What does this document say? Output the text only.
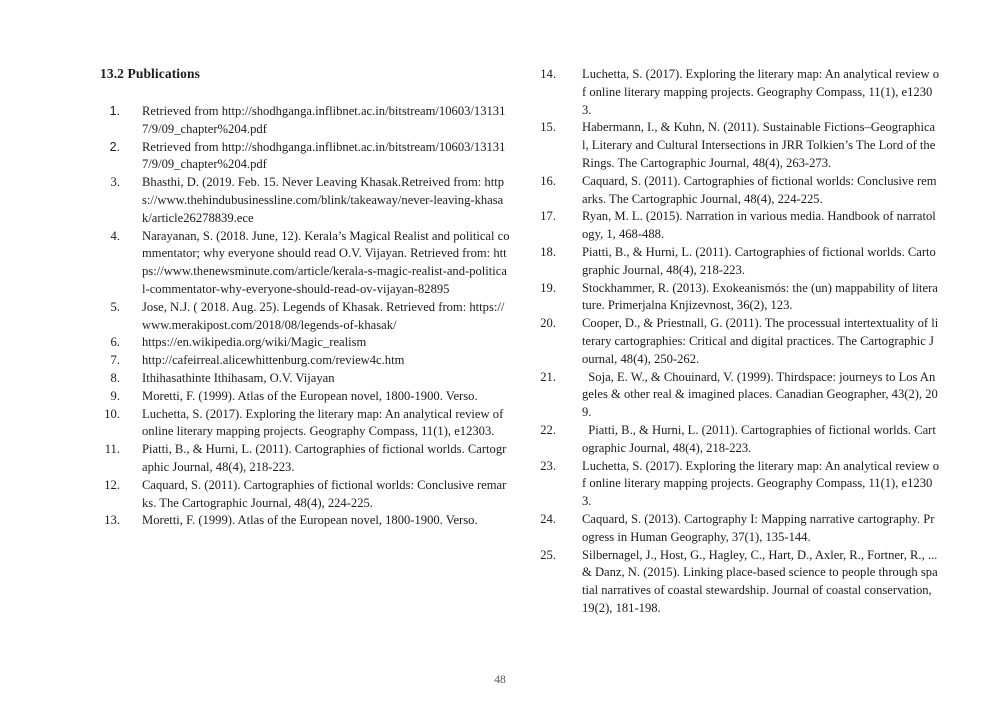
13.2 Publications
1. Retrieved from http://shodhganga.inflibnet.ac.in/bitstream/10603/131317/9/09_chapter%204.pdf
2. Retrieved from http://shodhganga.inflibnet.ac.in/bitstream/10603/131317/9/09_chapter%204.pdf
3. Bhasthi, D. (2019. Feb. 15. Never Leaving Khasak.Retreived from: https://www.thehindubusinessline.com/blink/takeaway/never-leaving-khasak/article26278839.ece
4. Narayanan, S. (2018. June, 12). Kerala’s Magical Realist and political commentator; why everyone should read O.V. Vijayan. Retrieved from: https://www.thenewsminute.com/article/kerala-s-magic-realist-and-political-commentator-why-everyone-should-read-ov-vijayan-82895
5. Jose, N.J. ( 2018. Aug. 25). Legends of Khasak. Retrieved from: https://www.merakipost.com/2018/08/legends-of-khasak/
6. https://en.wikipedia.org/wiki/Magic_realism
7. http://cafeirreal.alicewhittenburg.com/review4c.htm
8. Ithihasathinte Ithihasam, O.V. Vijayan
9. Moretti, F. (1999). Atlas of the European novel, 1800-1900. Verso.
10. Luchetta, S. (2017). Exploring the literary map: An analytical review of online literary mapping projects. Geography Compass, 11(1), e12303.
11. Piatti, B., & Hurni, L. (2011). Cartographies of fictional worlds. Cartographic Journal, 48(4), 218-223.
12. Caquard, S. (2011). Cartographies of fictional worlds: Conclusive remarks. The Cartographic Journal, 48(4), 224-225.
13. Moretti, F. (1999). Atlas of the European novel, 1800-1900. Verso.
14. Luchetta, S. (2017). Exploring the literary map: An analytical review of online literary mapping projects. Geography Compass, 11(1), e12303.
15. Habermann, I., & Kuhn, N. (2011). Sustainable Fictions–Geographical, Literary and Cultural Intersections in JRR Tolkien’s The Lord of the Rings. The Cartographic Journal, 48(4), 263-273.
16. Caquard, S. (2011). Cartographies of fictional worlds: Conclusive remarks. The Cartographic Journal, 48(4), 224-225.
17. Ryan, M. L. (2015). Narration in various media. Handbook of narratology, 1, 468-488.
18. Piatti, B., & Hurni, L. (2011). Cartographies of fictional worlds. Cartographic Journal, 48(4), 218-223.
19. Stockhammer, R. (2013). Exokeanismós: the (un) mappability of literature. Primerjalna Knjizevnost, 36(2), 123.
20. Cooper, D., & Priestnall, G. (2011). The processual intertextuality of literary cartographies: Critical and digital practices. The Cartographic Journal, 48(4), 250-262.
21.	Soja, E. W., & Chouinard, V. (1999). Thirdspace: journeys to Los Angeles & other real & imagined places. Canadian Geographer, 43(2), 209.
22.	Piatti, B., & Hurni, L. (2011). Cartographies of fictional worlds. Cartographic Journal, 48(4), 218-223.
23. Luchetta, S. (2017). Exploring the literary map: An analytical review of online literary mapping projects. Geography Compass, 11(1), e12303.
24. Caquard, S. (2013). Cartography I: Mapping narrative cartography. Progress in Human Geography, 37(1), 135-144.
25. Silbernagel, J., Host, G., Hagley, C., Hart, D., Axler, R., Fortner, R., ... & Danz, N. (2015). Linking place-based science to people through spatial narratives of coastal stewardship. Journal of coastal conservation, 19(2), 181-198.
48
